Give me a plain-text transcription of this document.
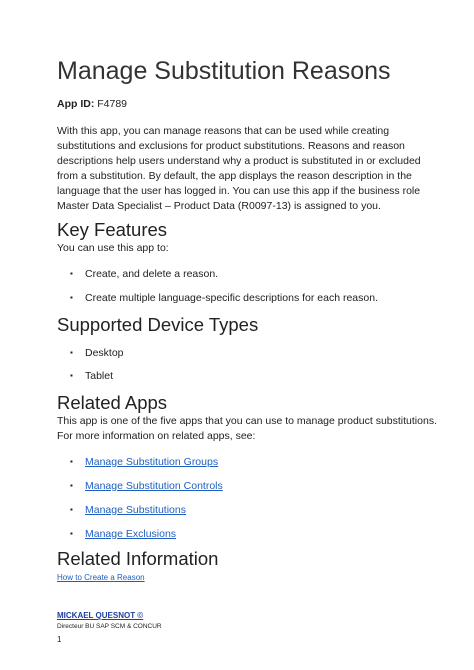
Manage Substitution Reasons
App ID: F4789

With this app, you can manage reasons that can be used while creating substitutions and exclusions for product substitutions. Reasons and reason descriptions help users understand why a product is substituted in or excluded from a substitution. By default, the app displays the reason description in the language that the user has logged in. You can use this app if the business role Master Data Specialist – Product Data (R0097-13) is assigned to you.

Key Features

You can use this app to:

▪ Create, and delete a reason.
▪ Create multiple language-specific descriptions for each reason.
Supported Device Types
▪ Desktop
▪ Tablet
Related Apps

This app is one of the five apps that you can use to manage product substitutions. For more information on related apps, see:

▪ Manage Substitution Groups
▪ Manage Substitution Controls
▪ Manage Substitutions
▪ Manage Exclusions
Related Information
How to Create a Reason
MICKAEL QUESNOT ©
Directeur BU SAP SCM & CONCUR
1
